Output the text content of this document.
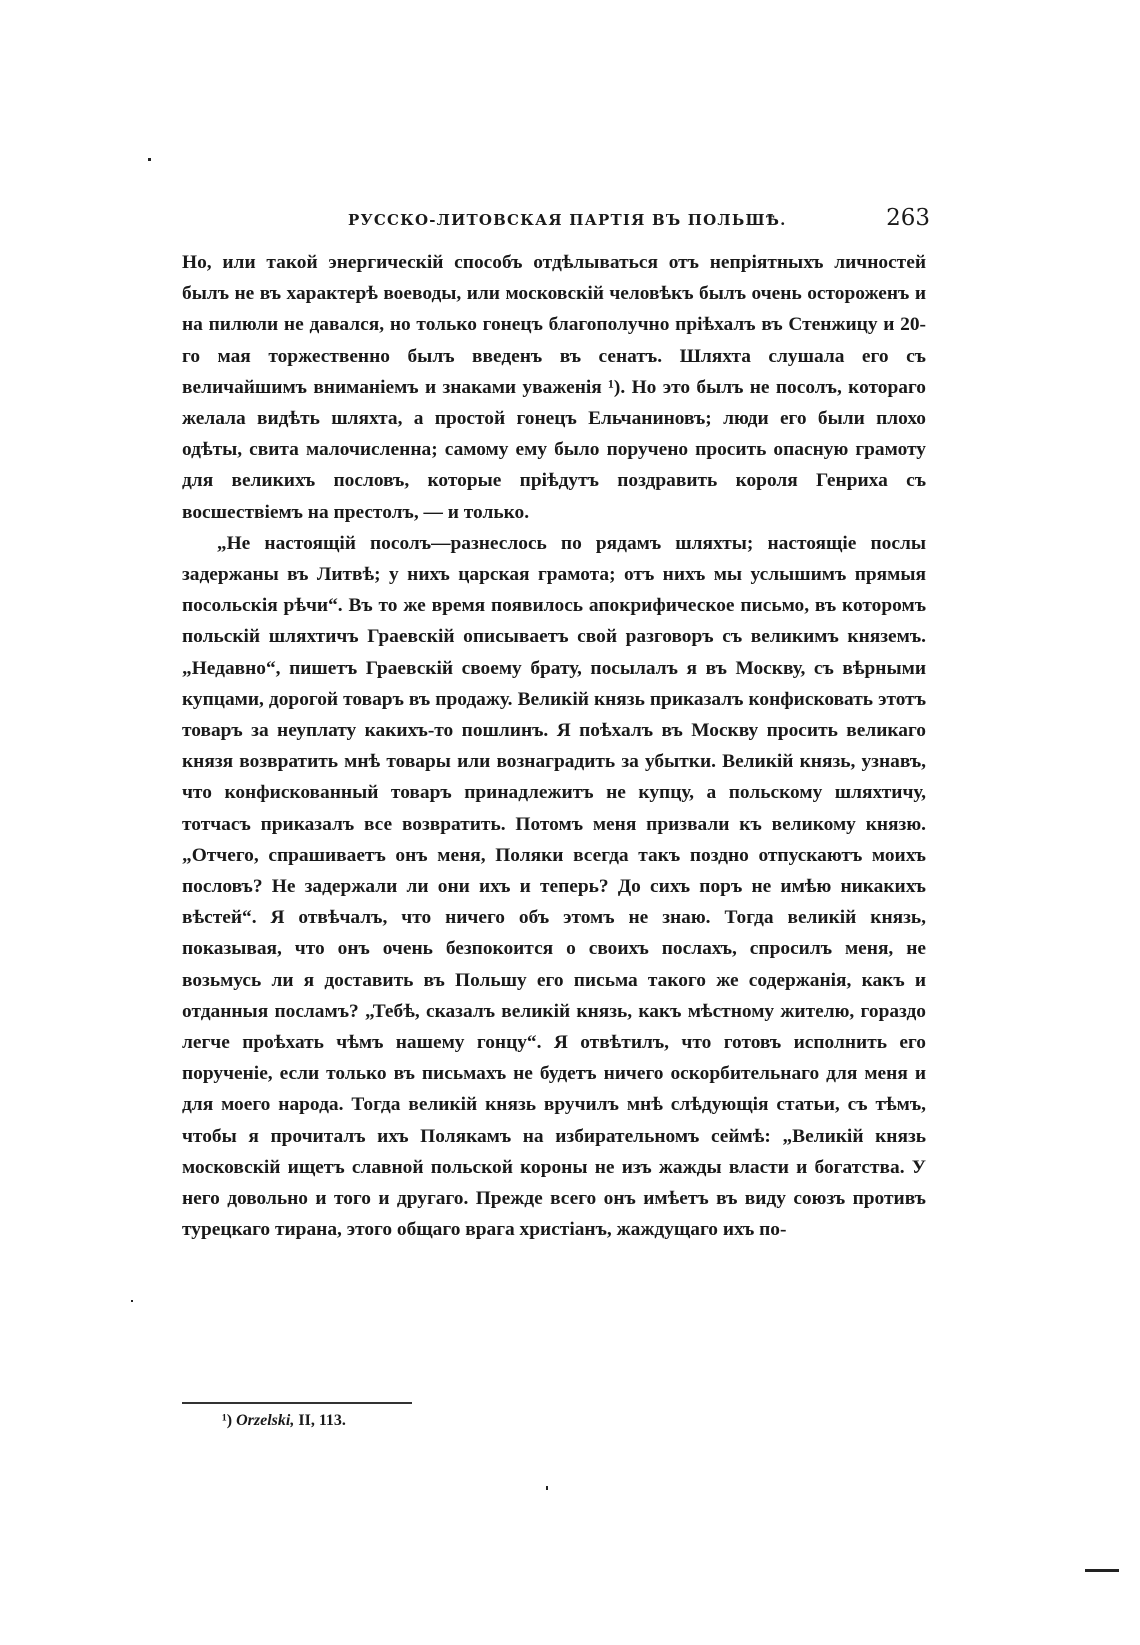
РУССКО-ЛИТОВСКАЯ ПАРТІЯ ВЪ ПОЛЬШѢ.	263

Но, или такой энергическій способъ отдѣлываться отъ непріятныхъ личностей былъ не въ характерѣ воеводы, или московскій человѣкъ былъ очень остороженъ и на пилюли не давался, но только гонецъ благополучно пріѣхалъ въ Стенжицу и 20-го мая торжественно былъ введенъ въ сенатъ. Шляхта слушала его съ величайшимъ вниманіемъ и знаками уваженія ¹). Но это былъ не посолъ, котораго желала видѣть шляхта, а простой гонецъ Ельчаниновъ; люди его были плохо одѣты, свита малочисленна; самому ему было поручено просить опасную грамоту для великихъ пословъ, которые пріѣдутъ поздравить короля Генриха съ восшествіемъ на престолъ, — и только.

„Не настоящій посолъ—разнеслось по рядамъ шляхты; настоящіе послы задержаны въ Литвѣ; у нихъ царская грамота; отъ нихъ мы услышимъ прямыя посольскія рѣчи“. Въ то же время появилось апокрифическое письмо, въ которомъ польскій шляхтичъ Граевскій описываетъ свой разговоръ съ великимъ княземъ. „Недавно“, пишетъ Граевскій своему брату, посылалъ я въ Москву, съ вѣрными купцами, дорогой товаръ въ продажу. Великій князь приказалъ конфисковать этотъ товаръ за неуплату какихъ-то пошлинъ. Я поѣхалъ въ Москву просить великаго князя возвратить мнѣ товары или вознаградить за убытки. Великій князь, узнавъ, что конфискованный товаръ принадлежитъ не купцу, а польскому шляхтичу, тотчасъ приказалъ все возвратить. Потомъ меня призвали къ великому князю. „Отчего, спрашиваетъ онъ меня, Поляки всегда такъ поздно отпускаютъ моихъ пословъ? Не задержали ли они ихъ и теперь? До сихъ поръ не имѣю никакихъ вѣстей“. Я отвѣчалъ, что ничего объ этомъ не знаю. Тогда великій князь, показывая, что онъ очень безпокоится о своихъ послахъ, спросилъ меня, не возьмусь ли я доставить въ Польшу его письма такого же содержанія, какъ и отданныя посламъ? „Тебѣ, сказалъ великій князь, какъ мѣстному жителю, гораздо легче проѣхать чѣмъ нашему гонцу“. Я отвѣтилъ, что готовъ исполнить его порученіе, если только въ письмахъ не будетъ ничего оскорбительнаго для меня и для моего народа. Тогда великій князь вручилъ мнѣ слѣдующія статьи, съ тѣмъ, чтобы я прочиталъ ихъ Полякамъ на избирательномъ сеймѣ: „Великій князь московскій ищетъ славной польской короны не изъ жажды власти и богатства. У него довольно и того и другаго. Прежде всего онъ имѣетъ въ виду союзъ противъ турецкаго тирана, этого общаго врага христіанъ, жаждущаго ихъ по-

¹) Orzelski, II, 113.
